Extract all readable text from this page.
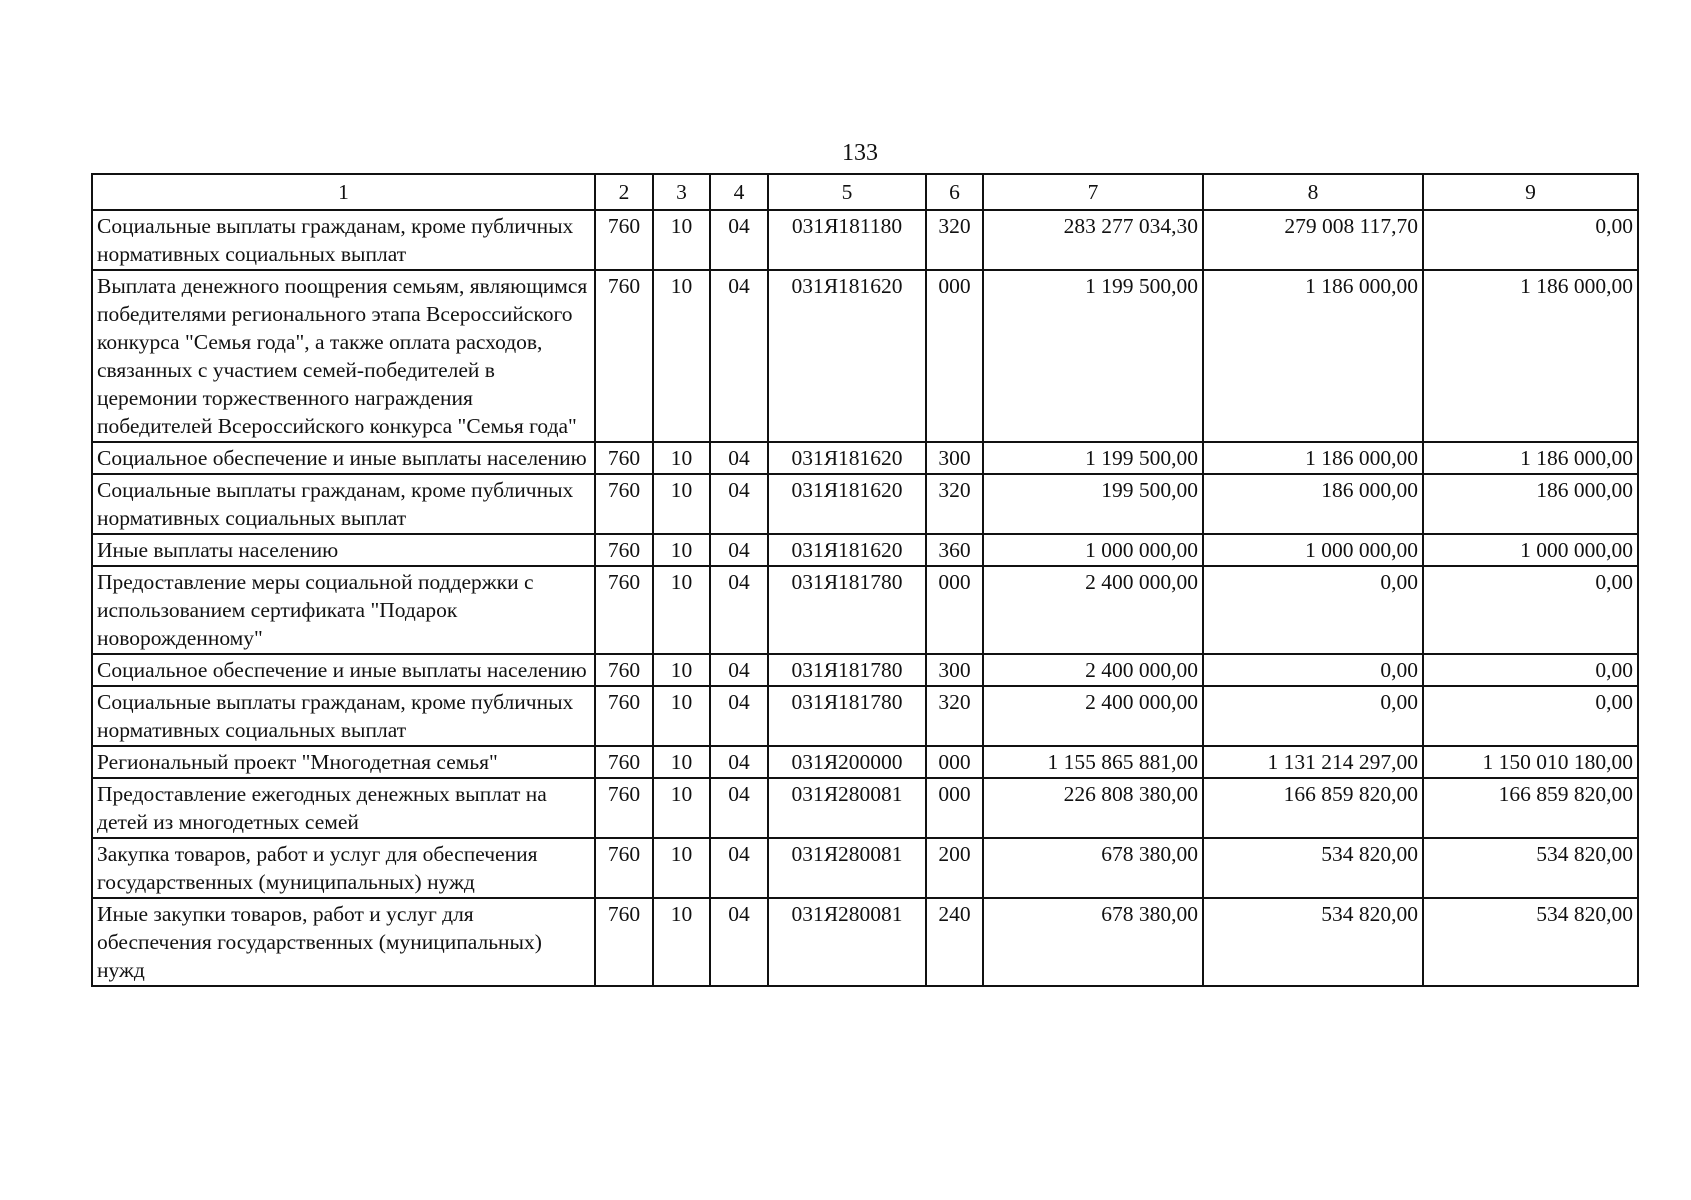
133
1	2	3	4	5	6	7	8	9
Социальные выплаты гражданам, кроме публичных нормативных социальных выплат	760	10	04	031Я181180	320	283 277 034,30	279 008 117,70	0,00
Выплата денежного поощрения семьям, являющимся победителями регионального этапа Всероссийского конкурса "Семья года", а также оплата расходов, связанных с участием семей-победителей в церемонии торжественного награждения победителей Всероссийского конкурса "Семья года"	760	10	04	031Я181620	000	1 199 500,00	1 186 000,00	1 186 000,00
Социальное обеспечение и иные выплаты населению	760	10	04	031Я181620	300	1 199 500,00	1 186 000,00	1 186 000,00
Социальные выплаты гражданам, кроме публичных нормативных социальных выплат	760	10	04	031Я181620	320	199 500,00	186 000,00	186 000,00
Иные выплаты населению	760	10	04	031Я181620	360	1 000 000,00	1 000 000,00	1 000 000,00
Предоставление меры социальной поддержки с использованием сертификата "Подарок новорожденному"	760	10	04	031Я181780	000	2 400 000,00	0,00	0,00
Социальное обеспечение и иные выплаты населению	760	10	04	031Я181780	300	2 400 000,00	0,00	0,00
Социальные выплаты гражданам, кроме публичных нормативных социальных выплат	760	10	04	031Я181780	320	2 400 000,00	0,00	0,00
Региональный проект "Многодетная семья"	760	10	04	031Я200000	000	1 155 865 881,00	1 131 214 297,00	1 150 010 180,00
Предоставление ежегодных денежных выплат на детей из многодетных семей	760	10	04	031Я280081	000	226 808 380,00	166 859 820,00	166 859 820,00
Закупка товаров, работ и услуг для обеспечения государственных (муниципальных) нужд	760	10	04	031Я280081	200	678 380,00	534 820,00	534 820,00
Иные закупки товаров, работ и услуг для обеспечения государственных (муниципальных) нужд	760	10	04	031Я280081	240	678 380,00	534 820,00	534 820,00
